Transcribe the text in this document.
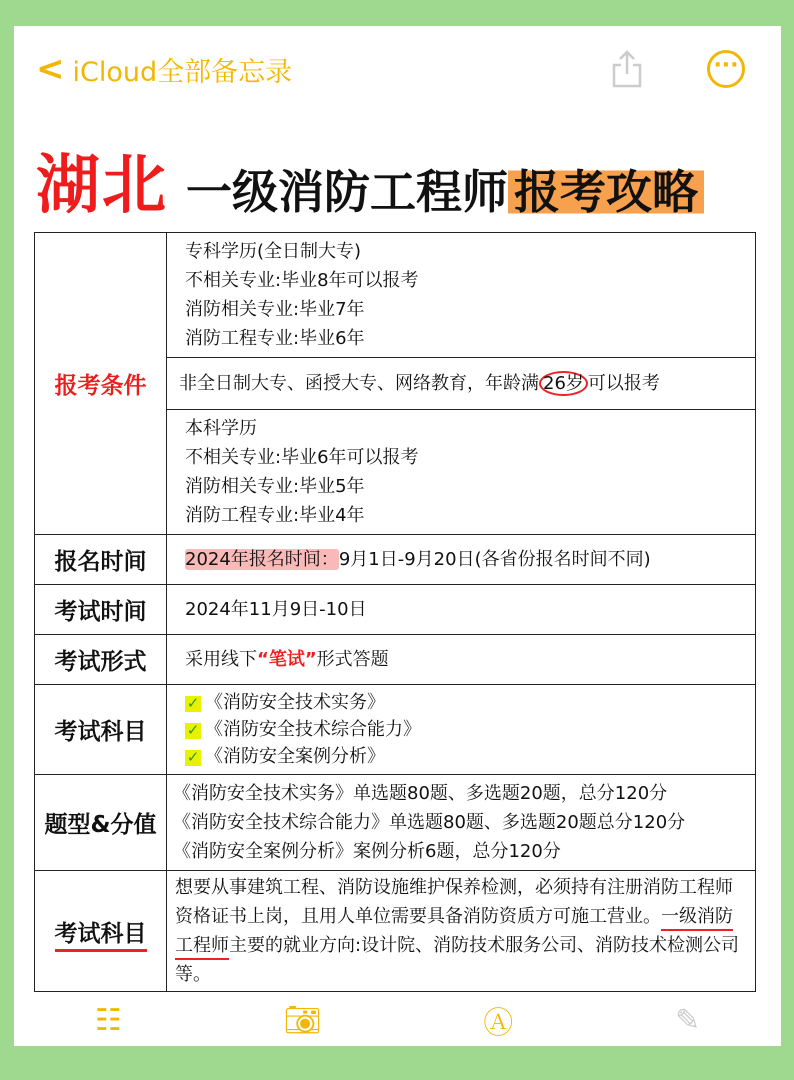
< iCloud全部备忘录	···
湖北 一级消防工程师 报考攻略
报考条件	专科学历(全日制大专)
不相关专业:毕业8年可以报考
消防相关专业:毕业7年
消防工程专业:毕业6年

	非全日制大专、函授大专、网络教育，年龄满 26岁 可以报考

	本科学历
不相关专业:毕业6年可以报考
消防相关专业:毕业5年
消防工程专业:毕业4年

报名时间	2024年报名时间：9月1日-9月20日(各省份报名时间不同)
考试时间	2024年11月9日-10日
考试形式	采用线下“笔试”形式答题
考试科目	✓ 《消防安全技术实务》
✓ 《消防安全技术综合能力》
✓ 《消防安全案例分析》

题型&分值	《消防安全技术实务》单选题80题、多选题20题，总分120分
《消防安全技术综合能力》单选题80题、多选题20题总分120分
《消防安全案例分析》案例分析6题，总分120分

考试科目	想要从事建筑工程、消防设施维护保养检测，必须持有注册消防工程师资格证书上岗，且用人单位需要具备消防资质方可施工营业。一级消防工程师主要的就业方向:设计院、消防技术服务公司、消防技术检测公司等。
☷	📷︎	Ⓐ	✎
